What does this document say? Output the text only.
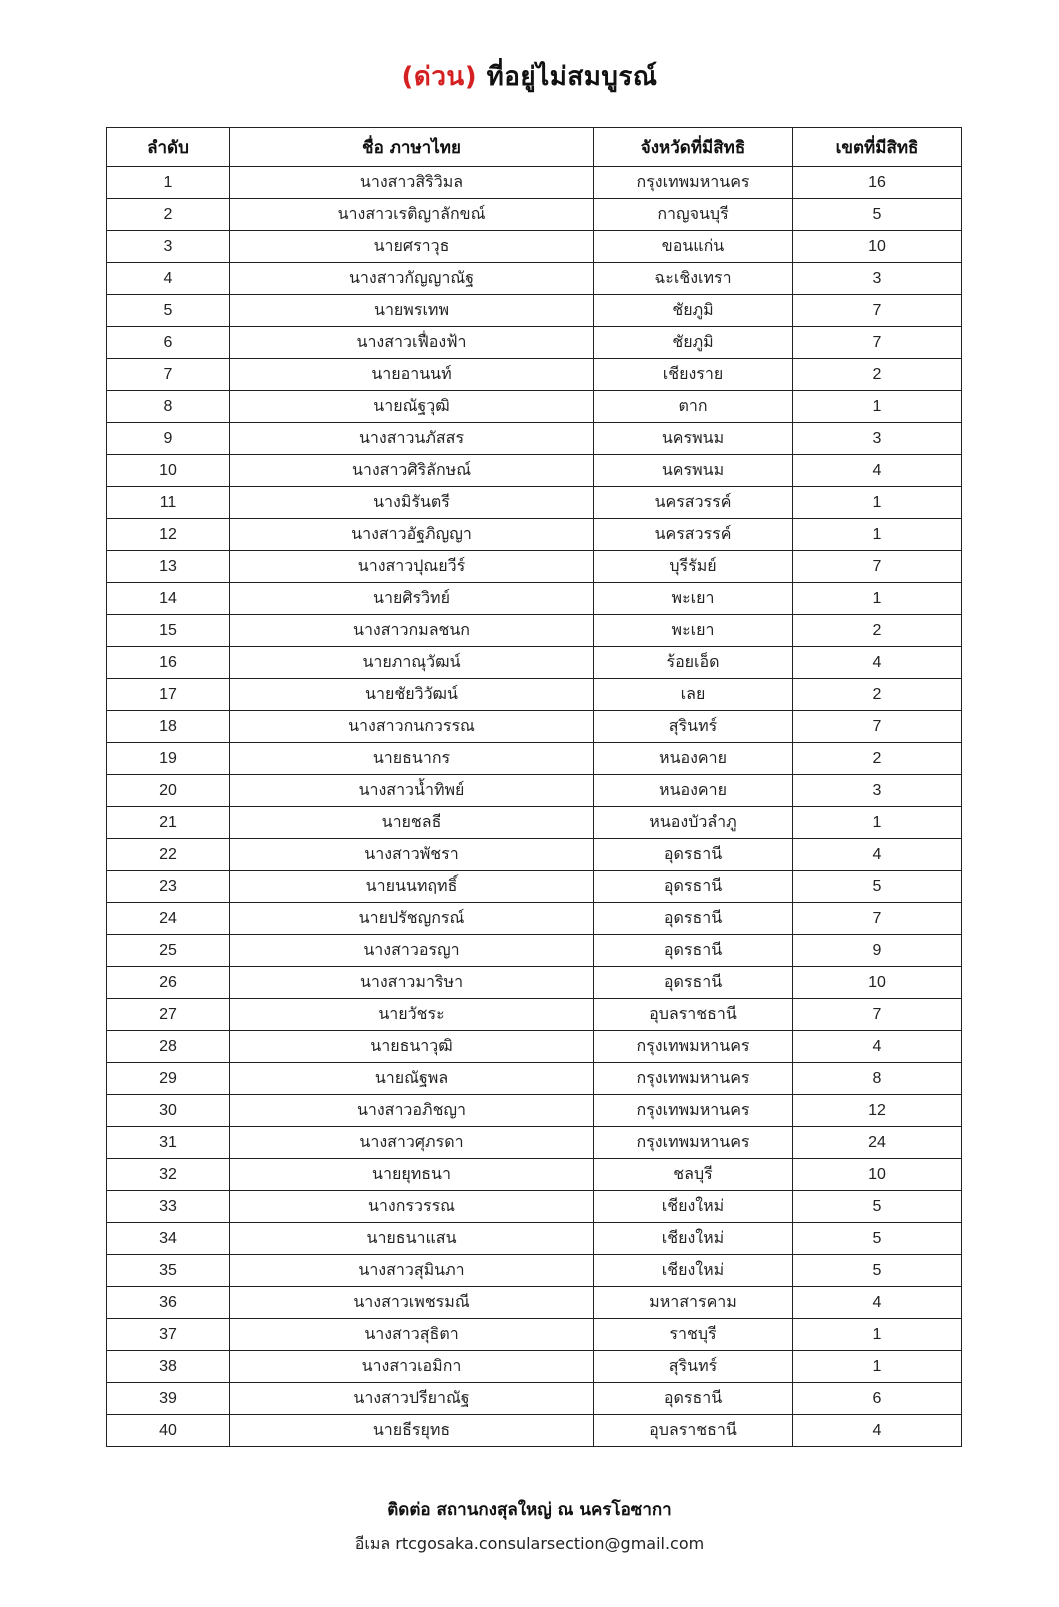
(ด่วน) ที่อยู่ไม่สมบูรณ์
ลำดับ	ชื่อ ภาษาไทย	จังหวัดที่มีสิทธิ	เขตที่มีสิทธิ
1	นางสาวสิริวิมล	กรุงเทพมหานคร	16
2	นางสาวเรติญาลักขณ์	กาญจนบุรี	5
3	นายศราวุธ	ขอนแก่น	10
4	นางสาวกัญญาณัฐ	ฉะเชิงเทรา	3
5	นายพรเทพ	ชัยภูมิ	7
6	นางสาวเฟื่องฟ้า	ชัยภูมิ	7
7	นายอานนท์	เชียงราย	2
8	นายณัฐวุฒิ	ตาก	1
9	นางสาวนภัสสร	นครพนม	3
10	นางสาวศิริลักษณ์	นครพนม	4
11	นางมิรันตรี	นครสวรรค์	1
12	นางสาวอัฐภิญญา	นครสวรรค์	1
13	นางสาวปุณยวีร์	บุรีรัมย์	7
14	นายศิรวิทย์	พะเยา	1
15	นางสาวกมลชนก	พะเยา	2
16	นายภาณุวัฒน์	ร้อยเอ็ด	4
17	นายชัยวิวัฒน์	เลย	2
18	นางสาวกนกวรรณ	สุรินทร์	7
19	นายธนากร	หนองคาย	2
20	นางสาวน้ำทิพย์	หนองคาย	3
21	นายชลธี	หนองบัวลำภู	1
22	นางสาวพัชรา	อุดรธานี	4
23	นายนนทฤทธิ์	อุดรธานี	5
24	นายปรัชญกรณ์	อุดรธานี	7
25	นางสาวอรญา	อุดรธานี	9
26	นางสาวมาริษา	อุดรธานี	10
27	นายวัชระ	อุบลราชธานี	7
28	นายธนาวุฒิ	กรุงเทพมหานคร	4
29	นายณัฐพล	กรุงเทพมหานคร	8
30	นางสาวอภิชญา	กรุงเทพมหานคร	12
31	นางสาวศุภรดา	กรุงเทพมหานคร	24
32	นายยุทธนา	ชลบุรี	10
33	นางกรวรรณ	เชียงใหม่	5
34	นายธนาแสน	เชียงใหม่	5
35	นางสาวสุมินภา	เชียงใหม่	5
36	นางสาวเพชรมณี	มหาสารคาม	4
37	นางสาวสุธิตา	ราชบุรี	1
38	นางสาวเอมิกา	สุรินทร์	1
39	นางสาวปรียาณัฐ	อุดรธานี	6
40	นายธีรยุทธ	อุบลราชธานี	4
ติดต่อ สถานกงสุลใหญ่ ณ นครโอซากา
อีเมล rtcgosaka.consularsection@gmail.com
